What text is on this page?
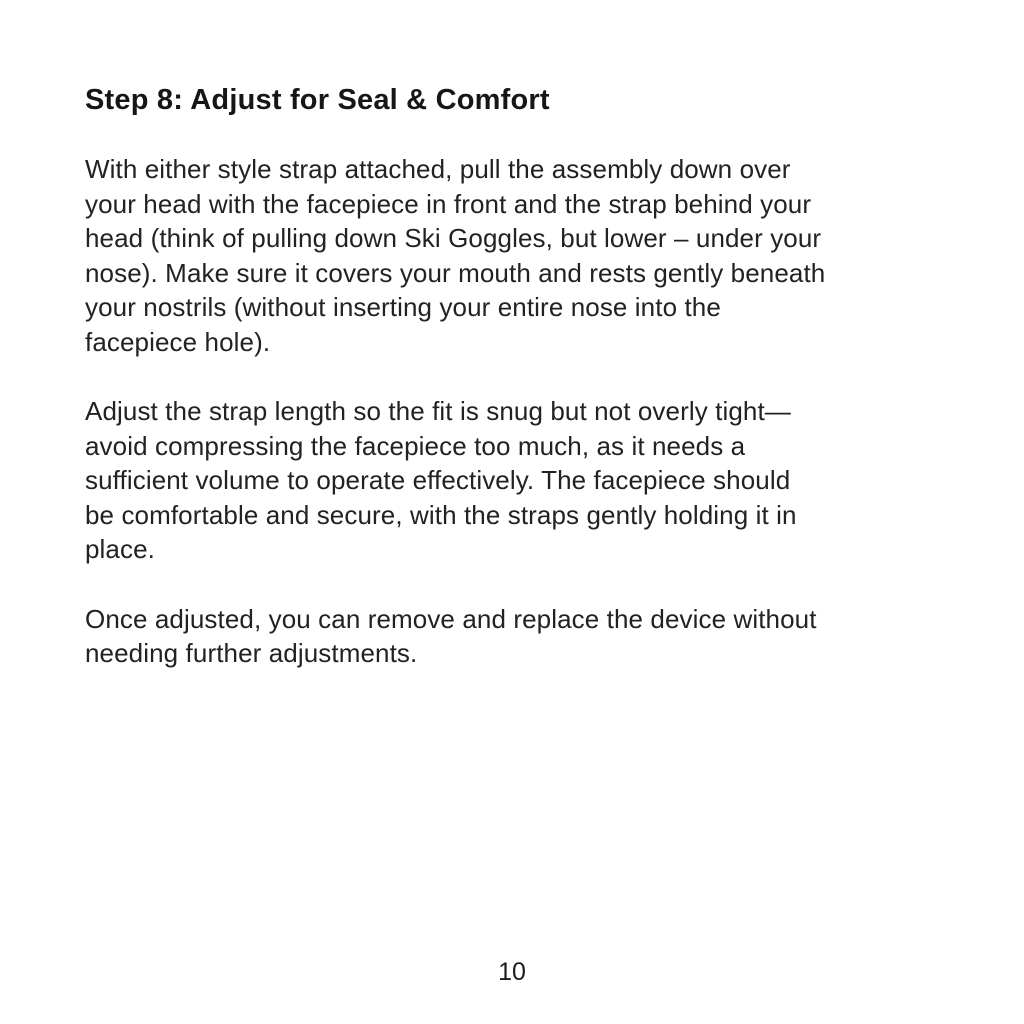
Step 8: Adjust for Seal & Comfort

With either style strap attached, pull the assembly down over
your head with the facepiece in front and the strap behind your
head (think of pulling down Ski Goggles, but lower – under your
nose). Make sure it covers your mouth and rests gently beneath
your nostrils (without inserting your entire nose into the
facepiece hole).

Adjust the strap length so the fit is snug but not overly tight—
avoid compressing the facepiece too much, as it needs a
sufficient volume to operate effectively. The facepiece should
be comfortable and secure, with the straps gently holding it in
place.

Once adjusted, you can remove and replace the device without
needing further adjustments.

10
